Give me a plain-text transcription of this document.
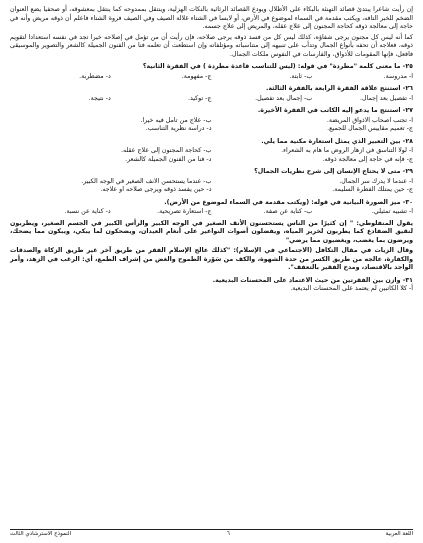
إن رأيت شاعرا يبتدئ قصائد التهنئة بالبكاء على الأطلال ويودع القصائد الرثائية بالنكات الهزلية، وينتقل بممدوحه كما ينتقل بمعشوقه، أو صحفيا يضع العنوان الضخم للخبر التافه، ويكتب مقدمة في السماء لموضوع في الأرض، أو لابسا في الشتاء غلالة الصيف وفي الصيف فروة الشتاء فاعلم أن ذوقه مريض وأنه في حاجة إلى معالجة ذوقه كحاجة المجنون إلى علاج عقله، والمريض إلى علاج جسمه.

كما أنه ليس كل مجنون يرجى شفاؤه، كذلك ليس كل من فسد ذوقه يرجى صلاحه، فإن رأيت أن من تؤمل في إصلاحه خيرا تجد في نفسه استعدادا لتقويم ذوقه، فعلاجه أن تحفه بأنواع الجمال وتدأب على تنبيهه إلى متناسباته ومؤتلفاته وإن استطعت أن تعلمه فنا من الفنون الجميلة كالشعر والتصوير والموسيقى فافعل، فإنها المقومات للأذواق، والفارسات في النفوس ملكات الجمال.

٢٥- ما معنى كلمة "مطردة" في قوله: (ليس للتناسب قاعدة مطردة ) في الفقرة الثانية؟

أ- مدروسة.
ب- ثابتة.
ج- مفهومة.
د- مضطربة.

٢٦- استنتج علاقة الفقرة الرابعة بالفقرة الثالثة.

أ- تفصيل بعد إجمال.
ب- إجمال بعد تفصيل.
ج- توكيد.
د- نتيجة.

٢٧- استنتج ما يدعو إليه الكاتب في الفقرة الأخيرة.

أ- تجنب أصحاب الأذواق المريضة.
ب- علاج من تأمل فيه خيرا.
ج- تعميم مقاييس الجمال للجميع.
د- دراسة نظرية التناسب.

٢٨- بين التعبير الذي يمثل استعارة مكنية مما يلي.

أ- لولا التناسق في أزهار الروض ما هام به الشعراء.
ب- كحاجة المجنون إلى علاج عقله.
ج- فإنه في حاجة إلى معالجة ذوقه.
د- فنا من الفنون الجميلة كالشعر.

٢٩- متى لا يحتاج الإنسان إلى شرح نظريات الجمال؟

أ- عندما لا يدرك سر الجمال.
ب- عندما يستحسن الأنف الصغير في الوجه الكبير.
ج- حين يمتلك الفطرة السليمة.
د- حين يفسد ذوقه ويرجى صلاحه أو علاجه.

٣٠- ميز الصورة البيانية في قوله: (ويكتب مقدمة في السماء لموضوع من الأرض).

أ- تشبيه تمثيلي.
ب- كناية عن صفة.
ج- استعارة تصريحية.
د- كناية عن نسبة.

يقول المنفلوطي: " إن كثيرًا من الناس يستحسنون الأنف الصغير في الوجه الكبير والرأس الكبير في الجسم الصغير، ويطربون لنقيق الضفادع كما يطربون لخرير المياه، ويفضلون أصوات النواعير على أنغام العيدان، ويضحكون لما يبكي، ويبكون مما يضحك، ويرضون بما يغضب، ويغضبون مما يرضي"

وقال الزيات في مقال التكافل (الاجتماعي في الإسلام): "كذلك عالج الإسلام الفقر من طريق آخر غير طريق الزكاة والصدقات والكفارة، عالجه من طريق الكسر من حدة الشهوة، والكف من سَوْرة الطموح والغض من إشراف الطمع، أي: الرغب في الزهد، وأمر الواجد بالاقتصاد، ومدح الفقير بالتعفف".

٣١- وازن بين الفقرتين من حيث الاعتماد على المحسنات البديعية.

أ- كلا الكاتبين لم يعتمد على المحسنات البديعية.

اللغة العربية
٦
النموذج الاسترشادي الثالث
